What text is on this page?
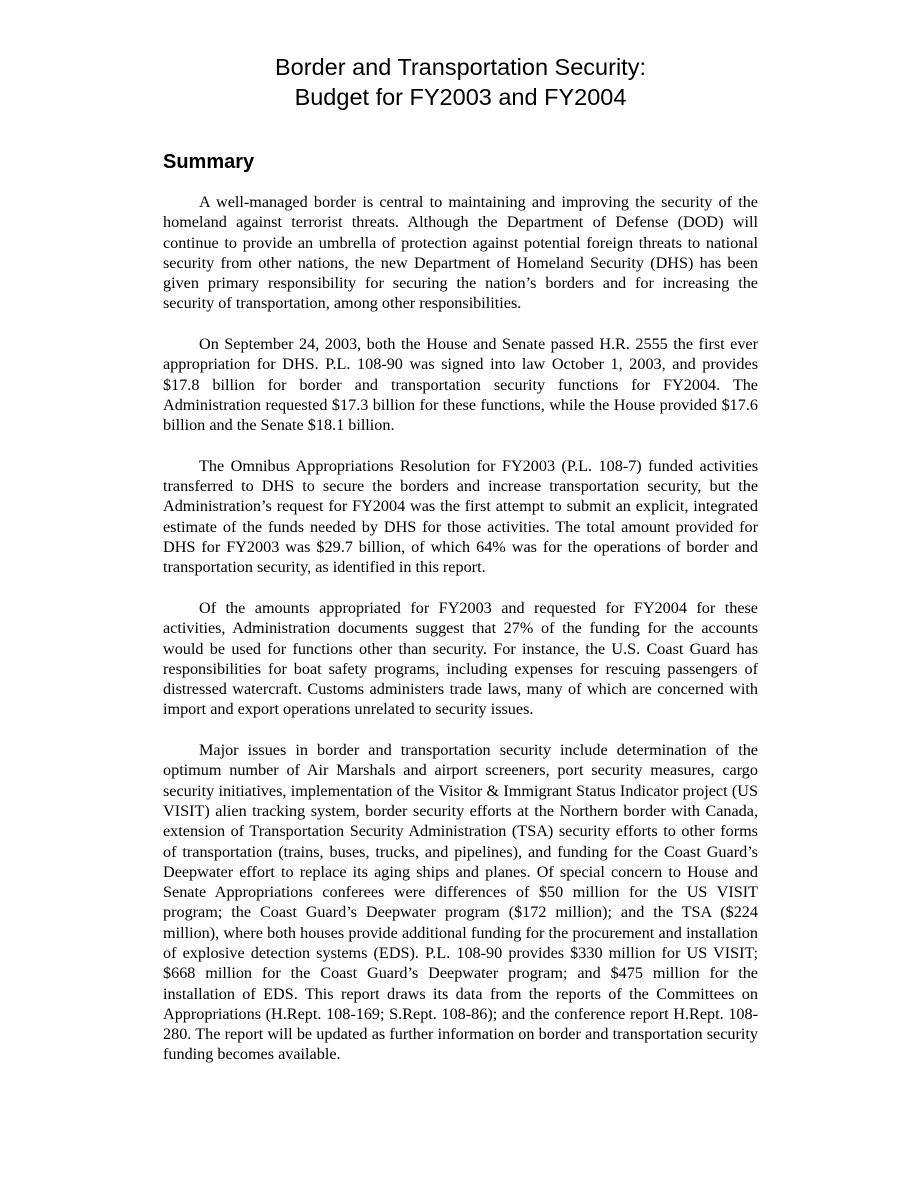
Border and Transportation Security:
Budget for FY2003 and FY2004
Summary

A well-managed border is central to maintaining and improving the security of the homeland against terrorist threats. Although the Department of Defense (DOD) will continue to provide an umbrella of protection against potential foreign threats to national security from other nations, the new Department of Homeland Security (DHS) has been given primary responsibility for securing the nation’s borders and for increasing the security of transportation, among other responsibilities.

On September 24, 2003, both the House and Senate passed H.R. 2555 the first ever appropriation for DHS. P.L. 108-90 was signed into law October 1, 2003, and provides $17.8 billion for border and transportation security functions for FY2004. The Administration requested $17.3 billion for these functions, while the House provided $17.6 billion and the Senate $18.1 billion.

The Omnibus Appropriations Resolution for FY2003 (P.L. 108-7) funded activities transferred to DHS to secure the borders and increase transportation security, but the Administration’s request for FY2004 was the first attempt to submit an explicit, integrated estimate of the funds needed by DHS for those activities. The total amount provided for DHS for FY2003 was $29.7 billion, of which 64% was for the operations of border and transportation security, as identified in this report.

Of the amounts appropriated for FY2003 and requested for FY2004 for these activities, Administration documents suggest that 27% of the funding for the accounts would be used for functions other than security. For instance, the U.S. Coast Guard has responsibilities for boat safety programs, including expenses for rescuing passengers of distressed watercraft. Customs administers trade laws, many of which are concerned with import and export operations unrelated to security issues.

Major issues in border and transportation security include determination of the optimum number of Air Marshals and airport screeners, port security measures, cargo security initiatives, implementation of the Visitor & Immigrant Status Indicator project (US VISIT) alien tracking system, border security efforts at the Northern border with Canada, extension of Transportation Security Administration (TSA) security efforts to other forms of transportation (trains, buses, trucks, and pipelines), and funding for the Coast Guard’s Deepwater effort to replace its aging ships and planes. Of special concern to House and Senate Appropriations conferees were differences of $50 million for the US VISIT program; the Coast Guard’s Deepwater program ($172 million); and the TSA ($224 million), where both houses provide additional funding for the procurement and installation of explosive detection systems (EDS). P.L. 108-90 provides $330 million for US VISIT; $668 million for the Coast Guard’s Deepwater program; and $475 million for the installation of EDS. This report draws its data from the reports of the Committees on Appropriations (H.Rept. 108-169; S.Rept. 108-86); and the conference report H.Rept. 108-280. The report will be updated as further information on border and transportation security funding becomes available.
